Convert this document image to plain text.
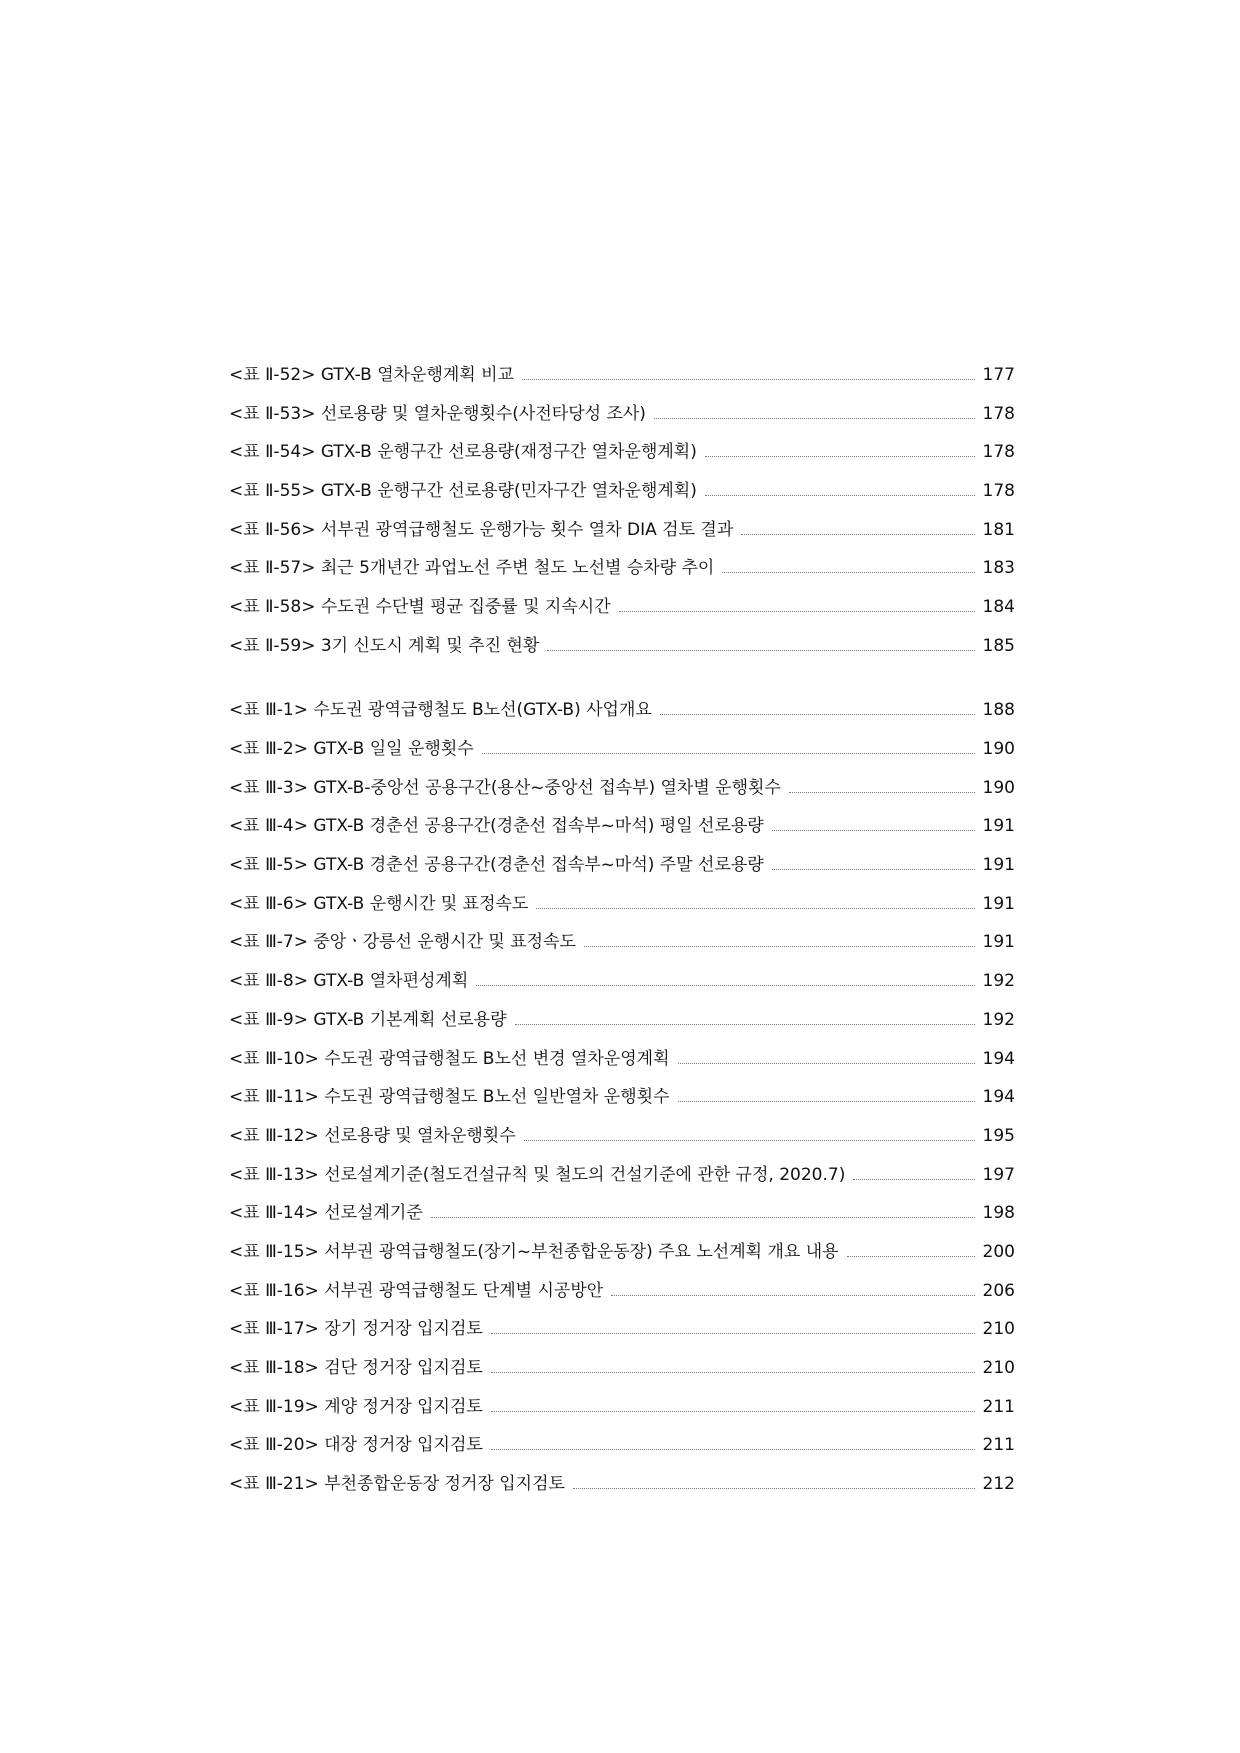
<표 Ⅱ-52> GTX-B 열차운행계획 비교	177
<표 Ⅱ-53> 선로용량 및 열차운행횟수(사전타당성 조사)	178
<표 Ⅱ-54> GTX-B 운행구간 선로용량(재정구간 열차운행계획)	178
<표 Ⅱ-55> GTX-B 운행구간 선로용량(민자구간 열차운행계획)	178
<표 Ⅱ-56> 서부권 광역급행철도 운행가능 횟수 열차 DIA 검토 결과	181
<표 Ⅱ-57> 최근 5개년간 과업노선 주변 철도 노선별 승차량 추이	183
<표 Ⅱ-58> 수도권 수단별 평균 집중률 및 지속시간	184
<표 Ⅱ-59> 3기 신도시 계획 및 추진 현황	185
<표 Ⅲ-1> 수도권 광역급행철도 B노선(GTX-B) 사업개요	188
<표 Ⅲ-2> GTX-B 일일 운행횟수	190
<표 Ⅲ-3> GTX-B-중앙선 공용구간(용산~중앙선 접속부) 열차별 운행횟수	190
<표 Ⅲ-4> GTX-B 경춘선 공용구간(경춘선 접속부~마석) 평일 선로용량	191
<표 Ⅲ-5> GTX-B 경춘선 공용구간(경춘선 접속부~마석) 주말 선로용량	191
<표 Ⅲ-6> GTX-B 운행시간 및 표정속도	191
<표 Ⅲ-7> 중앙ㆍ강릉선 운행시간 및 표정속도	191
<표 Ⅲ-8> GTX-B 열차편성계획	192
<표 Ⅲ-9> GTX-B 기본계획 선로용량	192
<표 Ⅲ-10> 수도권 광역급행철도 B노선 변경 열차운영계획	194
<표 Ⅲ-11> 수도권 광역급행철도 B노선 일반열차 운행횟수	194
<표 Ⅲ-12> 선로용량 및 열차운행횟수	195
<표 Ⅲ-13> 선로설계기준(철도건설규칙 및 철도의 건설기준에 관한 규정, 2020.7)	197
<표 Ⅲ-14> 선로설계기준	198
<표 Ⅲ-15> 서부권 광역급행철도(장기~부천종합운동장) 주요 노선계획 개요 내용	200
<표 Ⅲ-16> 서부권 광역급행철도 단계별 시공방안	206
<표 Ⅲ-17> 장기 정거장 입지검토	210
<표 Ⅲ-18> 검단 정거장 입지검토	210
<표 Ⅲ-19> 계양 정거장 입지검토	211
<표 Ⅲ-20> 대장 정거장 입지검토	211
<표 Ⅲ-21> 부천종합운동장 정거장 입지검토	212
